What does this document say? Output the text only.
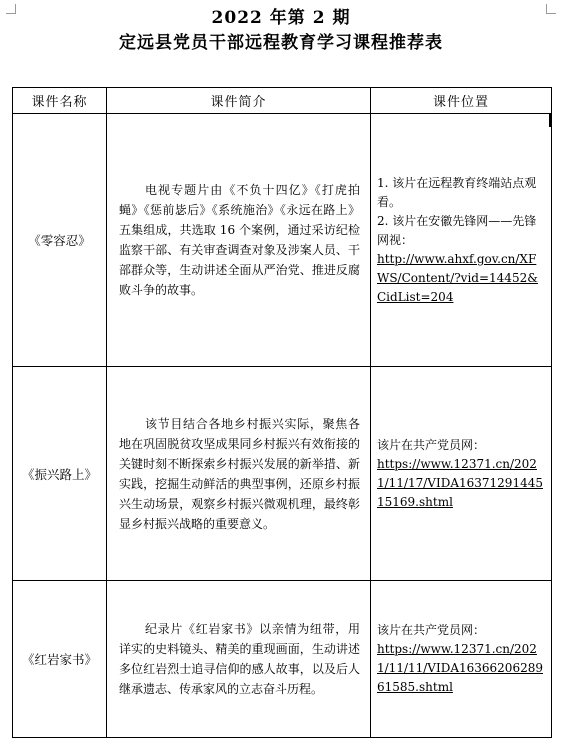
2022 年第 2 期
定远县党员干部远程教育学习课程推荐表
课件名称	课件简介	课件位置
《零容忍》	电视专题片由《不负十四亿》《打虎拍蝇》《惩前毖后》《系统施治》《永远在路上》五集组成，共选取 16 个案例，通过采访纪检监察干部、有关审查调查对象及涉案人员、干部群众等，生动讲述全面从严治党、推进反腐败斗争的故事。	1. 该片在远程教育终端站点观看。
2. 该片在安徽先锋网——先锋网视：
http://www.ahxf.gov.cn/XFWS/Content/?vid=14452&CidList=204

《振兴路上》	该节目结合各地乡村振兴实际，聚焦各地在巩固脱贫攻坚成果同乡村振兴有效衔接的关键时刻不断探索乡村振兴发展的新举措、新实践，挖掘生动鲜活的典型事例，还原乡村振兴生动场景，观察乡村振兴微观机理，最终彰显乡村振兴战略的重要意义。	该片在共产党员网：
https://www.12371.cn/2021/11/17/VIDA1637129144515169.shtml

《红岩家书》	纪录片《红岩家书》以亲情为纽带，用详实的史料镜头、精美的重现画面，生动讲述多位红岩烈士追寻信仰的感人故事，以及后人继承遗志、传承家风的立志奋斗历程。	该片在共产党员网：
https://www.12371.cn/2021/11/11/VIDA1636620628961585.shtml
